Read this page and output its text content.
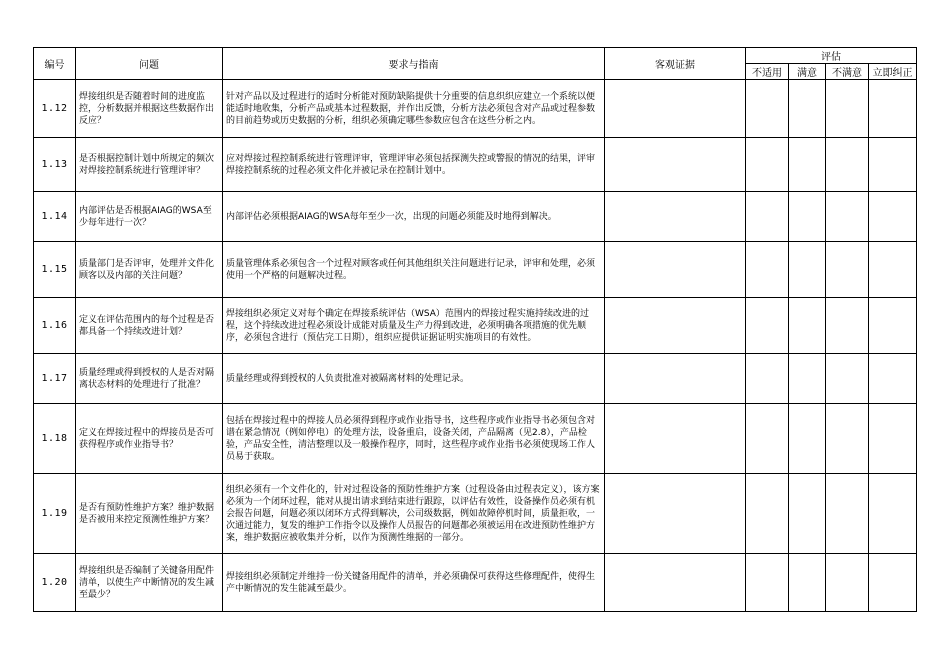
编号	问题	要求与指南	客观证据	评估			
				不适用	满意	不满意	立即纠正
1.12	焊接组织是否随着时间的进度监控，分析数据并根据这些数据作出反应？	针对产品以及过程进行的适时分析能对预防缺陷提供十分重要的信息织织应建立一个系统以便能适时地收集，分析产品或基本过程数据，并作出反馈，分析方法必须包含对产品或过程参数的目前趋势或历史数据的分析，组织必须确定哪些参数应包含在这些分析之内。					
1.13	是否根据控制计划中所规定的频次对焊接控制系统进行管理评审？	应对焊接过程控制系统进行管理评审，管理评审必须包括探测失控或警报的情况的结果，评审焊接控制系统的过程必须文件化并被记录在控制计划中。					
1.14	内部评估是否根据AIAG的WSA至少每年进行一次？	内部评估必须根据AIAG的WSA每年至少一次，出现的问题必须能及时地得到解决。					
1.15	质量部门是否评审，处理并文件化顾客以及内部的关注问题？	质量管理体系必须包含一个过程对顾客或任何其他组织关注问题进行记录，评审和处理，必须使用一个严格的问题解决过程。					
1.16	定义在评估范围内的每个过程是否都具备一个持续改进计划？	焊接组织必须定义对每个确定在焊接系统评估（WSA）范围内的焊接过程实施持续改进的过程，这个持续改进过程必须设计成能对质量及生产力得到改进，必须明确各项措施的优先顺序，必须包含进行（预估完工日期），组织应提供证据证明实施项目的有效性。					
1.17	质量经理或得到授权的人是否对隔离状态材料的处理进行了批准？	质量经理或得到授权的人负责批准对被隔离材料的处理记录。					
1.18	定义在焊接过程中的焊接员是否可获得程序或作业指导书？	包括在焊接过程中的焊接人员必须得到程序或作业指导书，这些程序或作业指导书必须包含对谱在紧急情况（例如停电）的处理方法，设备重启，设备关闭，产品隔离（见2.8），产品检验，产品安全性，清洁整理以及一般操作程序，同时，这些程序或作业指书必须使现场工作人员易于获取。					
1.19	是否有预防性维护方案？维护数据是否被用来控定预测性维护方案？	组织必须有一个文件化的，针对过程设备的预防性维护方案（过程设备由过程表定义），该方案必须为一个闭环过程，能对从提出请求到结束进行跟踪，以评估有效性，设备操作员必须有机会报告问题，问题必须以闭环方式得到解决，公司级数据，例如故障停机时间，质量拒收，一次通过能力，复发的维护工作指令以及操作人员报告的问题都必须被运用在改进预防性维护方案，维护数据应被收集并分析，以作为预测性维据的一部分。					
1.20	焊接组织是否编制了关键备用配件清单，以使生产中断情况的发生减至最少？	焊接组织必须制定并维持一份关键备用配件的清单，并必须确保可获得这些修理配件，使得生产中断情况的发生能减至最少。					
